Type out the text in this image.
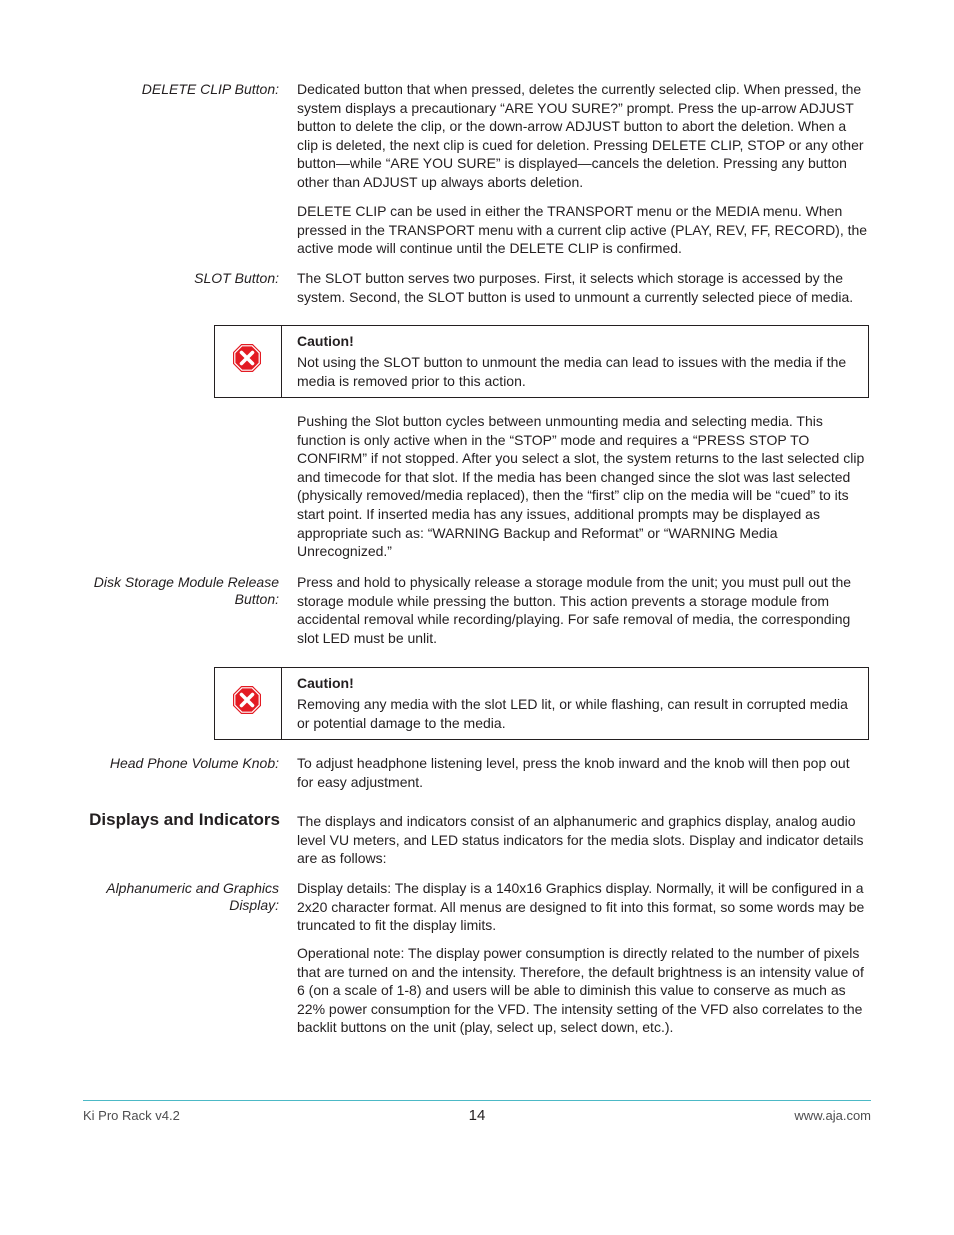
DELETE CLIP Button: Dedicated button that when pressed, deletes the currently selected clip. When pressed, the system displays a precautionary “ARE YOU SURE?” prompt. Press the up-arrow ADJUST button to delete the clip, or the down-arrow ADJUST button to abort the deletion. When a clip is deleted, the next clip is cued for deletion. Pressing DELETE CLIP, STOP or any other button—while “ARE YOU SURE” is displayed—cancels the deletion. Pressing any button other than ADJUST up always aborts deletion.

DELETE CLIP can be used in either the TRANSPORT menu or the MEDIA menu. When pressed in the TRANSPORT menu with a current clip active (PLAY, REV, FF, RECORD), the active mode will continue until the DELETE CLIP is confirmed.

SLOT Button: The SLOT button serves two purposes. First, it selects which storage is accessed by the system. Second, the SLOT button is used to unmount a currently selected piece of media.

Caution!

Not using the SLOT button to unmount the media can lead to issues with the media if the media is removed prior to this action.

Pushing the Slot button cycles between unmounting media and selecting media. This function is only active when in the “STOP” mode and requires a “PRESS STOP TO CONFIRM” if not stopped. After you select a slot, the system returns to the last selected clip and timecode for that slot. If the media has been changed since the slot was last selected (physically removed/media replaced), then the “first” clip on the media will be “cued” to its start point. If inserted media has any issues, additional prompts may be displayed as appropriate such as: “WARNING Backup and Reformat” or “WARNING Media Unrecognized.”

Disk Storage Module Release
Button:

Press and hold to physically release a storage module from the unit; you must pull out the storage module while pressing the button. This action prevents a storage module from accidental removal while recording/playing. For safe removal of media, the corresponding slot LED must be unlit.

Caution!

Removing any media with the slot LED lit, or while flashing, can result in corrupted media or potential damage to the media.

Head Phone Volume Knob: To adjust headphone listening level, press the knob inward and the knob will then pop out for easy adjustment.

Displays and Indicators The displays and indicators consist of an alphanumeric and graphics display, analog audio level VU meters, and LED status indicators for the media slots. Display and indicator details are as follows:

Alphanumeric and Graphics
Display:

Display details: The display is a 140x16 Graphics display. Normally, it will be configured in a 2x20 character format. All menus are designed to fit into this format, so some words may be truncated to fit the display limits.

Operational note: The display power consumption is directly related to the number of pixels that are turned on and the intensity. Therefore, the default brightness is an intensity value of 6 (on a scale of 1-8) and users will be able to diminish this value to conserve as much as 22% power consumption for the VFD. The intensity setting of the VFD also correlates to the backlit buttons on the unit (play, select up, select down, etc.).

Ki Pro Rack v4.2	14	www.aja.com
